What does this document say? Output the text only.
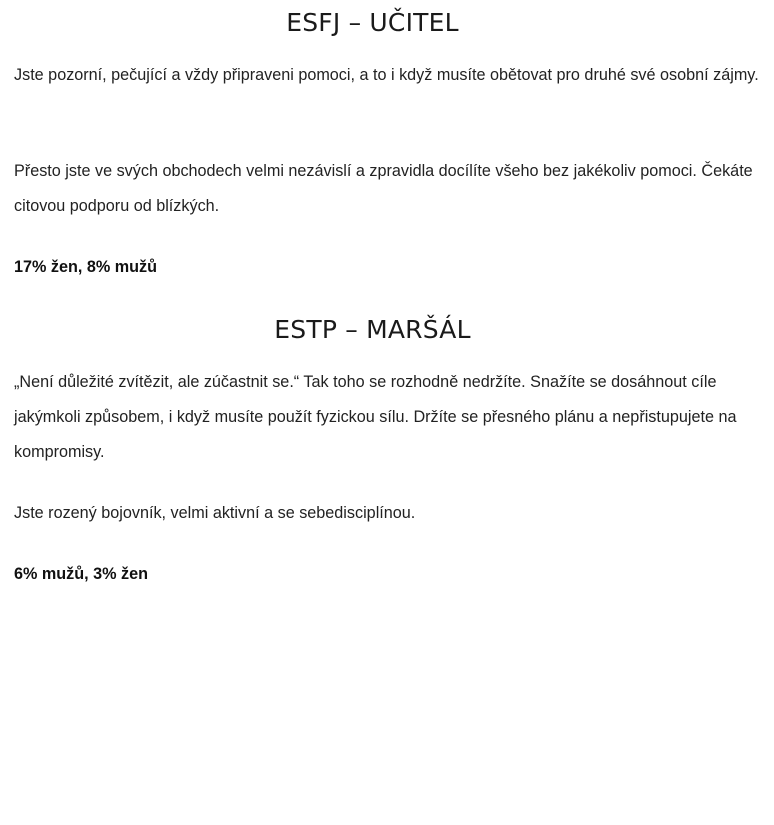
ESFJ – UČITEL

Jste pozorní, pečující a vždy připraveni pomoci, a to i když musíte obětovat pro druhé své osobní zájmy.

Přesto jste ve svých obchodech velmi nezávislí a zpravidla docílíte všeho bez jakékoliv pomoci. Čekáte citovou podporu od blízkých.

17% žen, 8% mužů

ESTP – MARŠÁL

„Není důležité zvítězit, ale zúčastnit se.“ Tak toho se rozhodně nedržíte. Snažíte se dosáhnout cíle jakýmkoli způsobem, i když musíte použít fyzickou sílu. Držíte se přesného plánu a nepřistupujete na kompromisy.

Jste rozený bojovník, velmi aktivní a se sebedisciplínou.

6% mužů, 3% žen
